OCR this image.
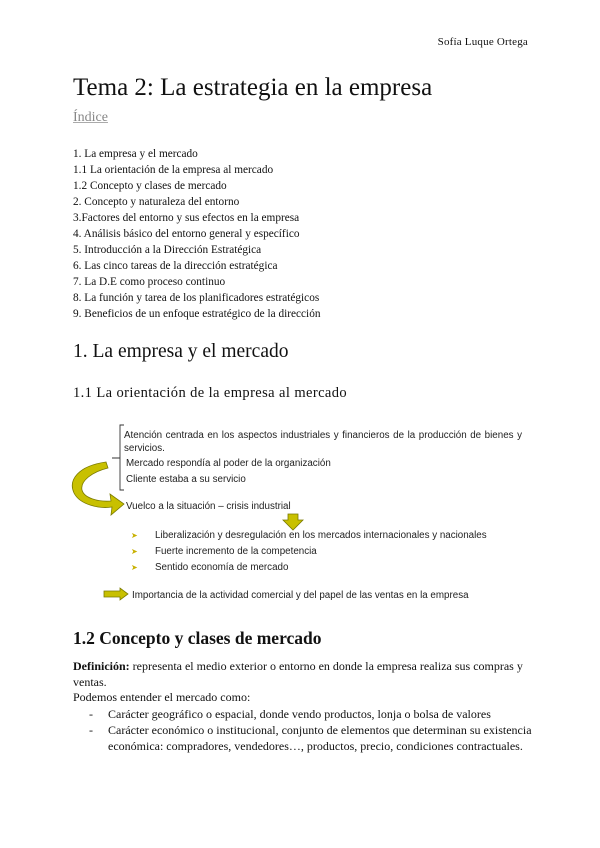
Sofía Luque Ortega
Tema 2: La estrategia en la empresa
Índice
1. La empresa y el mercado
1.1 La orientación de la empresa al mercado
1.2 Concepto y clases de mercado
2. Concepto y naturaleza del entorno
3.Factores del entorno y sus efectos en la empresa
4. Análisis básico del entorno general y específico
5. Introducción a la Dirección Estratégica
6. Las cinco tareas de la dirección estratégica
7. La D.E como proceso continuo
8. La función y tarea de los planificadores estratégicos
9. Beneficios de un enfoque estratégico de la dirección
1. La empresa y el mercado
1.1 La orientación de la empresa al mercado
Atención centrada en los aspectos industriales y financieros de la producción de bienes y servicios.
Mercado respondía al poder de la organización
Cliente estaba a su servicio
Vuelco a la situación – crisis industrial
➤
➤
➤
Liberalización y desregulación en los mercados internacionales y nacionales
Fuerte incremento de la competencia
Sentido economía de mercado
Importancia de la actividad comercial y del papel de las ventas en la empresa
1.2 Concepto y clases de mercado
Definición: representa el medio exterior o entorno en donde la empresa realiza sus compras y ventas.
Podemos entender el mercado como:
- Carácter geográfico o espacial, donde vendo productos, lonja o bolsa de valores
- Carácter económico o institucional, conjunto de elementos que determinan su existencia económica: compradores, vendedores…, productos, precio, condiciones contractuales.
